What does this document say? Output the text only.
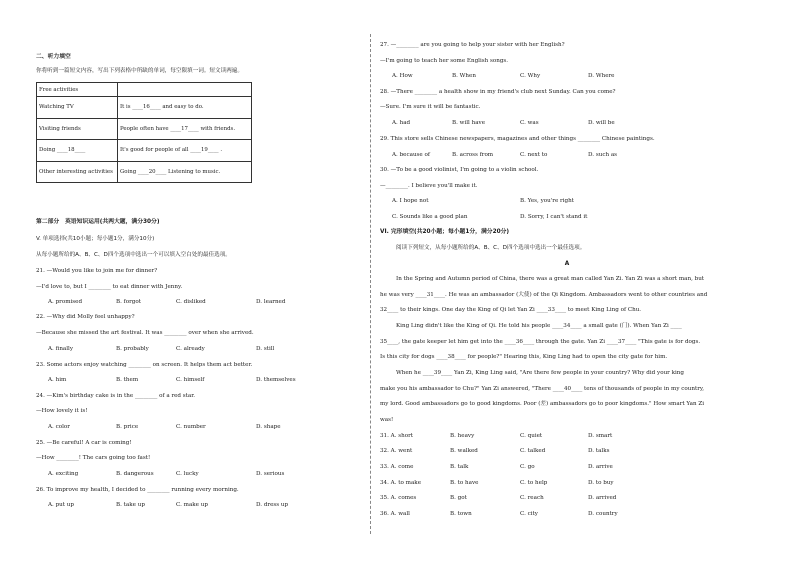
二、听力填空
你将听到一篇短文内容，写出下列表格中所缺的单词，每空限填一词。短文读两遍。
Free activities	
Watching TV	It is ____16____ and easy to do.
Visiting friends	People often have ____17____ with friends.
Doing ____18____	It's good for people of all ____19____ .
Other interesting activities	Going ____20____ Listening to music.
第二部分　英语知识运用(共两大题，满分30分)
V. 单项选择(共10小题；每小题1分，满分10分)
从每小题所给的A、B、C、D四个选项中选出一个可以填入空白处的最佳选项。
21. —Would you like to join me for dinner?
—I'd love to, but I ________ to eat dinner with Jenny.
A. promised	B. forgot	C. disliked	D. learned
22. —Why did Molly feel unhappy?
—Because she missed the art festival. It was ________ over when she arrived.
A. finally	B. probably	C. already	D. still
23. Some actors enjoy watching ________ on screen. It helps them act better.
A. him	B. them	C. himself	D. themselves
24. —Kim's birthday cake is in the ________ of a red star.
—How lovely it is!
A. color	B. price	C. number	D. shape
25. —Be careful! A car is coming!
—How ________! The cars going too fast!
A. exciting	B. dangerous	C. lucky	D. serious
26. To improve my health, I decided to ________ running every morning.
A. put up	B. take up	C. make up	D. dress up
27. —________ are you going to help your sister with her English?
—I'm going to teach her some English songs.
A. How	B. When	C. Why	D. Where
28. —There ________ a health show in my friend's club next Sunday. Can you come?
—Sure. I'm sure it will be fantastic.
A. had	B. will have	C. was	D. will be
29. This store sells Chinese newspapers, magazines and other things ________ Chinese paintings.
A. because of	B. across from	C. next to	D. such as
30. —To be a good violinist, I'm going to a violin school.
—________. I believe you'll make it.
A. I hope not	B. Yes, you're right
C. Sounds like a good plan	D. Sorry, I can't stand it
VI. 完形填空(共20小题；每小题1分，满分20分)
阅读下列短文，从每小题所给的A、B、C、D四个选项中选出一个最佳选项。
A
In the Spring and Autumn period of China, there was a great man called Yan Zi. Yan Zi was a short man, but
he was very ____31____. He was an ambassador (大使) of the Qi Kingdom. Ambassadors went to other countries and
32____ to their kings. One day the King of Qi let Yan Zi ____33____ to meet King Ling of Chu.
King Ling didn't like the King of Qi. He told his people ____34____ a small gate (门). When Yan Zi ____
35____, the gate keeper let him get into the ____36____ through the gate. Yan Zi ____37____ "This gate is for dogs.
Is this city for dogs ____38____ for people?" Hearing this, King Ling had to open the city gate for him.
When he ____39____ Yan Zi, King Ling said, "Are there few people in your country? Why did your king
make you his ambassador to Chu?" Yan Zi answered, "There ____40____ tens of thousands of people in my country,
my lord. Good ambassadors go to good kingdoms. Poor (差) ambassadors go to poor kingdoms." How smart Yan Zi
was!
31. A. short	B. heavy	C. quiet	D. smart
32. A. went	B. walked	C. talked	D. talks
33. A. come	B. talk	C. go	D. arrive
34. A. to make	B. to have	C. to help	D. to buy
35. A. comes	B. got	C. reach	D. arrived
36. A. wall	B. town	C. city	D. country
